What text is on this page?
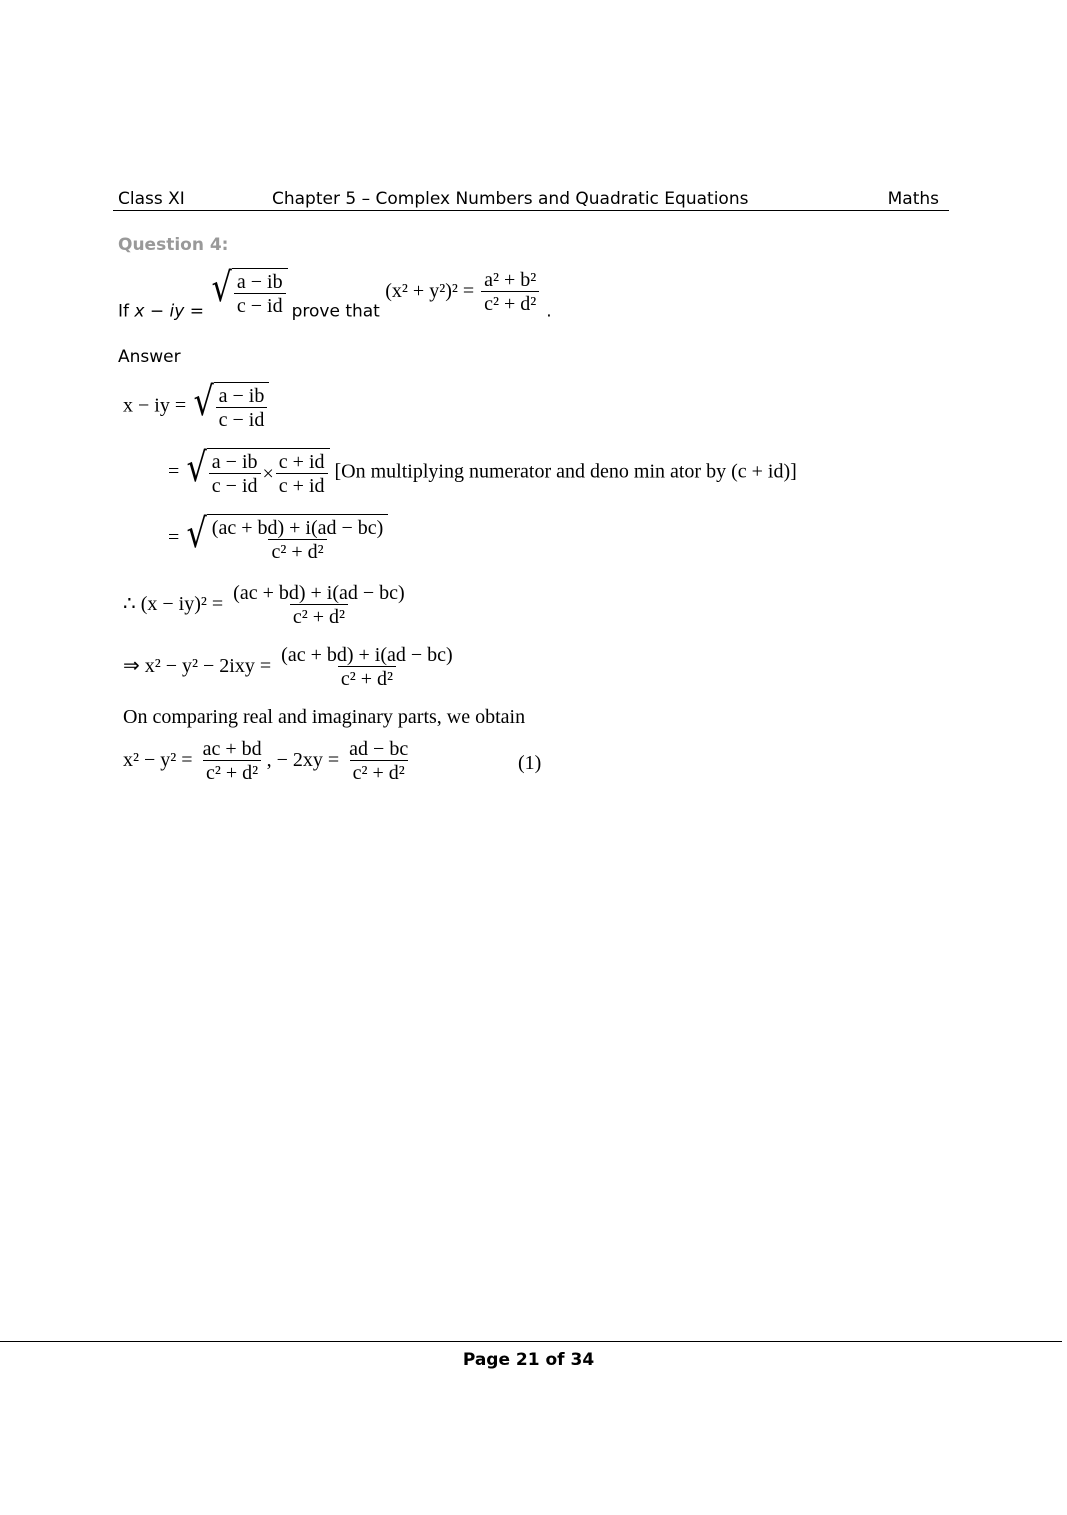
Class XI	Chapter 5 – Complex Numbers and Quadratic Equations	Maths
Question 4:
If x − iy =
√ $\frac{a - ib}{c - id}$ prove that $(x^2 + y^2)^2 = \frac{\text{a² + b²}}{\text{c² + d²}}$ .
Answer
x − iy = √ $\frac{a - ib}{c - id}$
= √ $\frac{a - ib}{c - id} \times \frac{c + id}{c + id} [On$ multiplying numerator and deno min ator by (c + id)]
= √ $\frac{(ac + bd) + i(ad - bc)}{\text{c² + d²}}$
∴ $(x - iy)^2 = \frac{(ac + bd) + i(ad - bc)}{\text{c² + d²}}$
⇒ $x^2 - y^2 - 2ixy = \frac{(ac + bd) + i(ad - bc)}{\text{c² + d²}}$
On comparing real and imaginary parts, we obtain
$x^2 - y^2 = \frac{ac + bd}{\text{c² + d²}}$ , − $2xy = \frac{ad - bc}{\text{c² + d²}}$	(1)
Page 21 of 34
